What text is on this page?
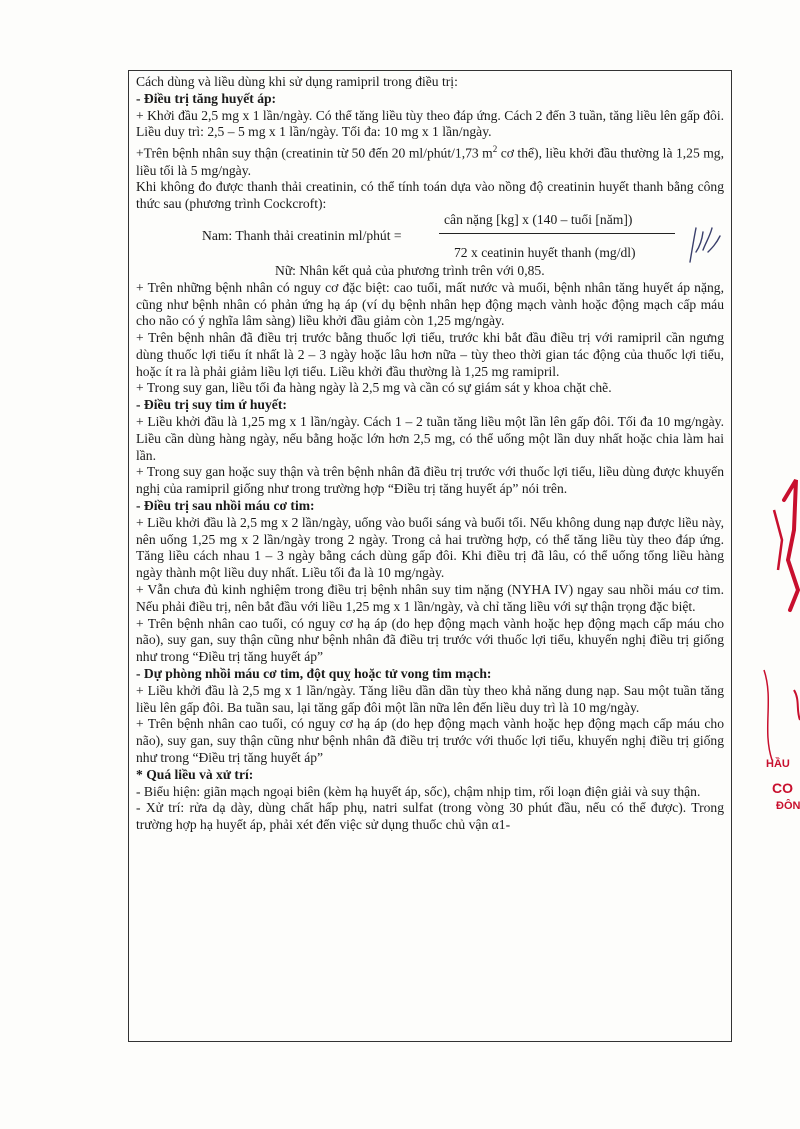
Cách dùng và liều dùng khi sử dụng ramipril trong điều trị:

- Điều trị tăng huyết áp:

+ Khởi đầu 2,5 mg x 1 lần/ngày. Có thể tăng liều tùy theo đáp ứng. Cách 2 đến 3 tuần, tăng liều lên gấp đôi. Liều duy trì: 2,5 – 5 mg x 1 lần/ngày. Tối đa: 10 mg x 1 lần/ngày.

+Trên bệnh nhân suy thận (creatinin từ 50 đến 20 ml/phút/1,73 $m^2$ cơ thể), liều khởi đầu thường là 1,25 mg, liều tối là 5 mg/ngày.

Khi không đo được thanh thải creatinin, có thể tính toán dựa vào nồng độ creatinin huyết thanh bằng công thức sau (phương trình Cockcroft):

Nam: Thanh thải creatinin ml/phút =
cân nặng [kg] x (140 – tuổi [năm])
72 x ceatinin huyết thanh (mg/dl)

Nữ: Nhân kết quả của phương trình trên với 0,85.

+ Trên những bệnh nhân có nguy cơ đặc biệt: cao tuổi, mất nước và muối, bệnh nhân tăng huyết áp nặng, cũng như bệnh nhân có phản ứng hạ áp (ví dụ bệnh nhân hẹp động mạch vành hoặc động mạch cấp máu cho não có ý nghĩa lâm sàng) liều khởi đầu giảm còn 1,25 mg/ngày.

+ Trên bệnh nhân đã điều trị trước bằng thuốc lợi tiểu, trước khi bắt đầu điều trị với ramipril cần ngưng dùng thuốc lợi tiểu ít nhất là 2 – 3 ngày hoặc lâu hơn nữa – tùy theo thời gian tác động của thuốc lợi tiểu, hoặc ít ra là phải giảm liều lợi tiểu. Liều khởi đầu thường là 1,25 mg ramipril.

+ Trong suy gan, liều tối đa hàng ngày là 2,5 mg và cần có sự giám sát y khoa chặt chẽ.

- Điều trị suy tim ứ huyết:

+ Liều khởi đầu là 1,25 mg x 1 lần/ngày. Cách 1 – 2 tuần tăng liều một lần lên gấp đôi. Tối đa 10 mg/ngày. Liều cần dùng hàng ngày, nếu bằng hoặc lớn hơn 2,5 mg, có thể uống một lần duy nhất hoặc chia làm hai lần.

+ Trong suy gan hoặc suy thận và trên bệnh nhân đã điều trị trước với thuốc lợi tiểu, liều dùng được khuyến nghị của ramipril giống như trong trường hợp “Điều trị tăng huyết áp” nói trên.

- Điều trị sau nhồi máu cơ tim:

+ Liều khởi đầu là 2,5 mg x 2 lần/ngày, uống vào buổi sáng và buổi tối. Nếu không dung nạp được liều này, nên uống 1,25 mg x 2 lần/ngày trong 2 ngày. Trong cả hai trường hợp, có thể tăng liều tùy theo đáp ứng. Tăng liều cách nhau 1 – 3 ngày bằng cách dùng gấp đôi. Khi điều trị đã lâu, có thể uống tổng liều hàng ngày thành một liều duy nhất. Liều tối đa là 10 mg/ngày.

+ Vẫn chưa đủ kinh nghiệm trong điều trị bệnh nhân suy tim nặng (NYHA IV) ngay sau nhồi máu cơ tim. Nếu phải điều trị, nên bắt đầu với liều 1,25 mg x 1 lần/ngày, và chỉ tăng liều với sự thận trọng đặc biệt.

+ Trên bệnh nhân cao tuổi, có nguy cơ hạ áp (do hẹp động mạch vành hoặc hẹp động mạch cấp máu cho não), suy gan, suy thận cũng như bệnh nhân đã điều trị trước với thuốc lợi tiểu, khuyến nghị điều trị giống như trong “Điều trị tăng huyết áp”

- Dự phòng nhồi máu cơ tim, đột quỵ hoặc tử vong tim mạch:

+ Liều khởi đầu là 2,5 mg x 1 lần/ngày. Tăng liều dần dần tùy theo khả năng dung nạp. Sau một tuần tăng liều lên gấp đôi. Ba tuần sau, lại tăng gấp đôi một lần nữa lên đến liều duy trì là 10 mg/ngày.

+ Trên bệnh nhân cao tuổi, có nguy cơ hạ áp (do hẹp động mạch vành hoặc hẹp động mạch cấp máu cho não), suy gan, suy thận cũng như bệnh nhân đã điều trị trước với thuốc lợi tiểu, khuyến nghị điều trị giống như trong “Điều trị tăng huyết áp”

* Quá liều và xử trí:

- Biểu hiện: giãn mạch ngoại biên (kèm hạ huyết áp, sốc), chậm nhịp tim, rối loạn điện giải và suy thận.

- Xử trí: rửa dạ dày, dùng chất hấp phụ, natri sulfat (trong vòng 30 phút đầu, nếu có thể được). Trong trường hợp hạ huyết áp, phải xét đến việc sử dụng thuốc chủ vận α1-

HẦU
CO
ĐÔN
